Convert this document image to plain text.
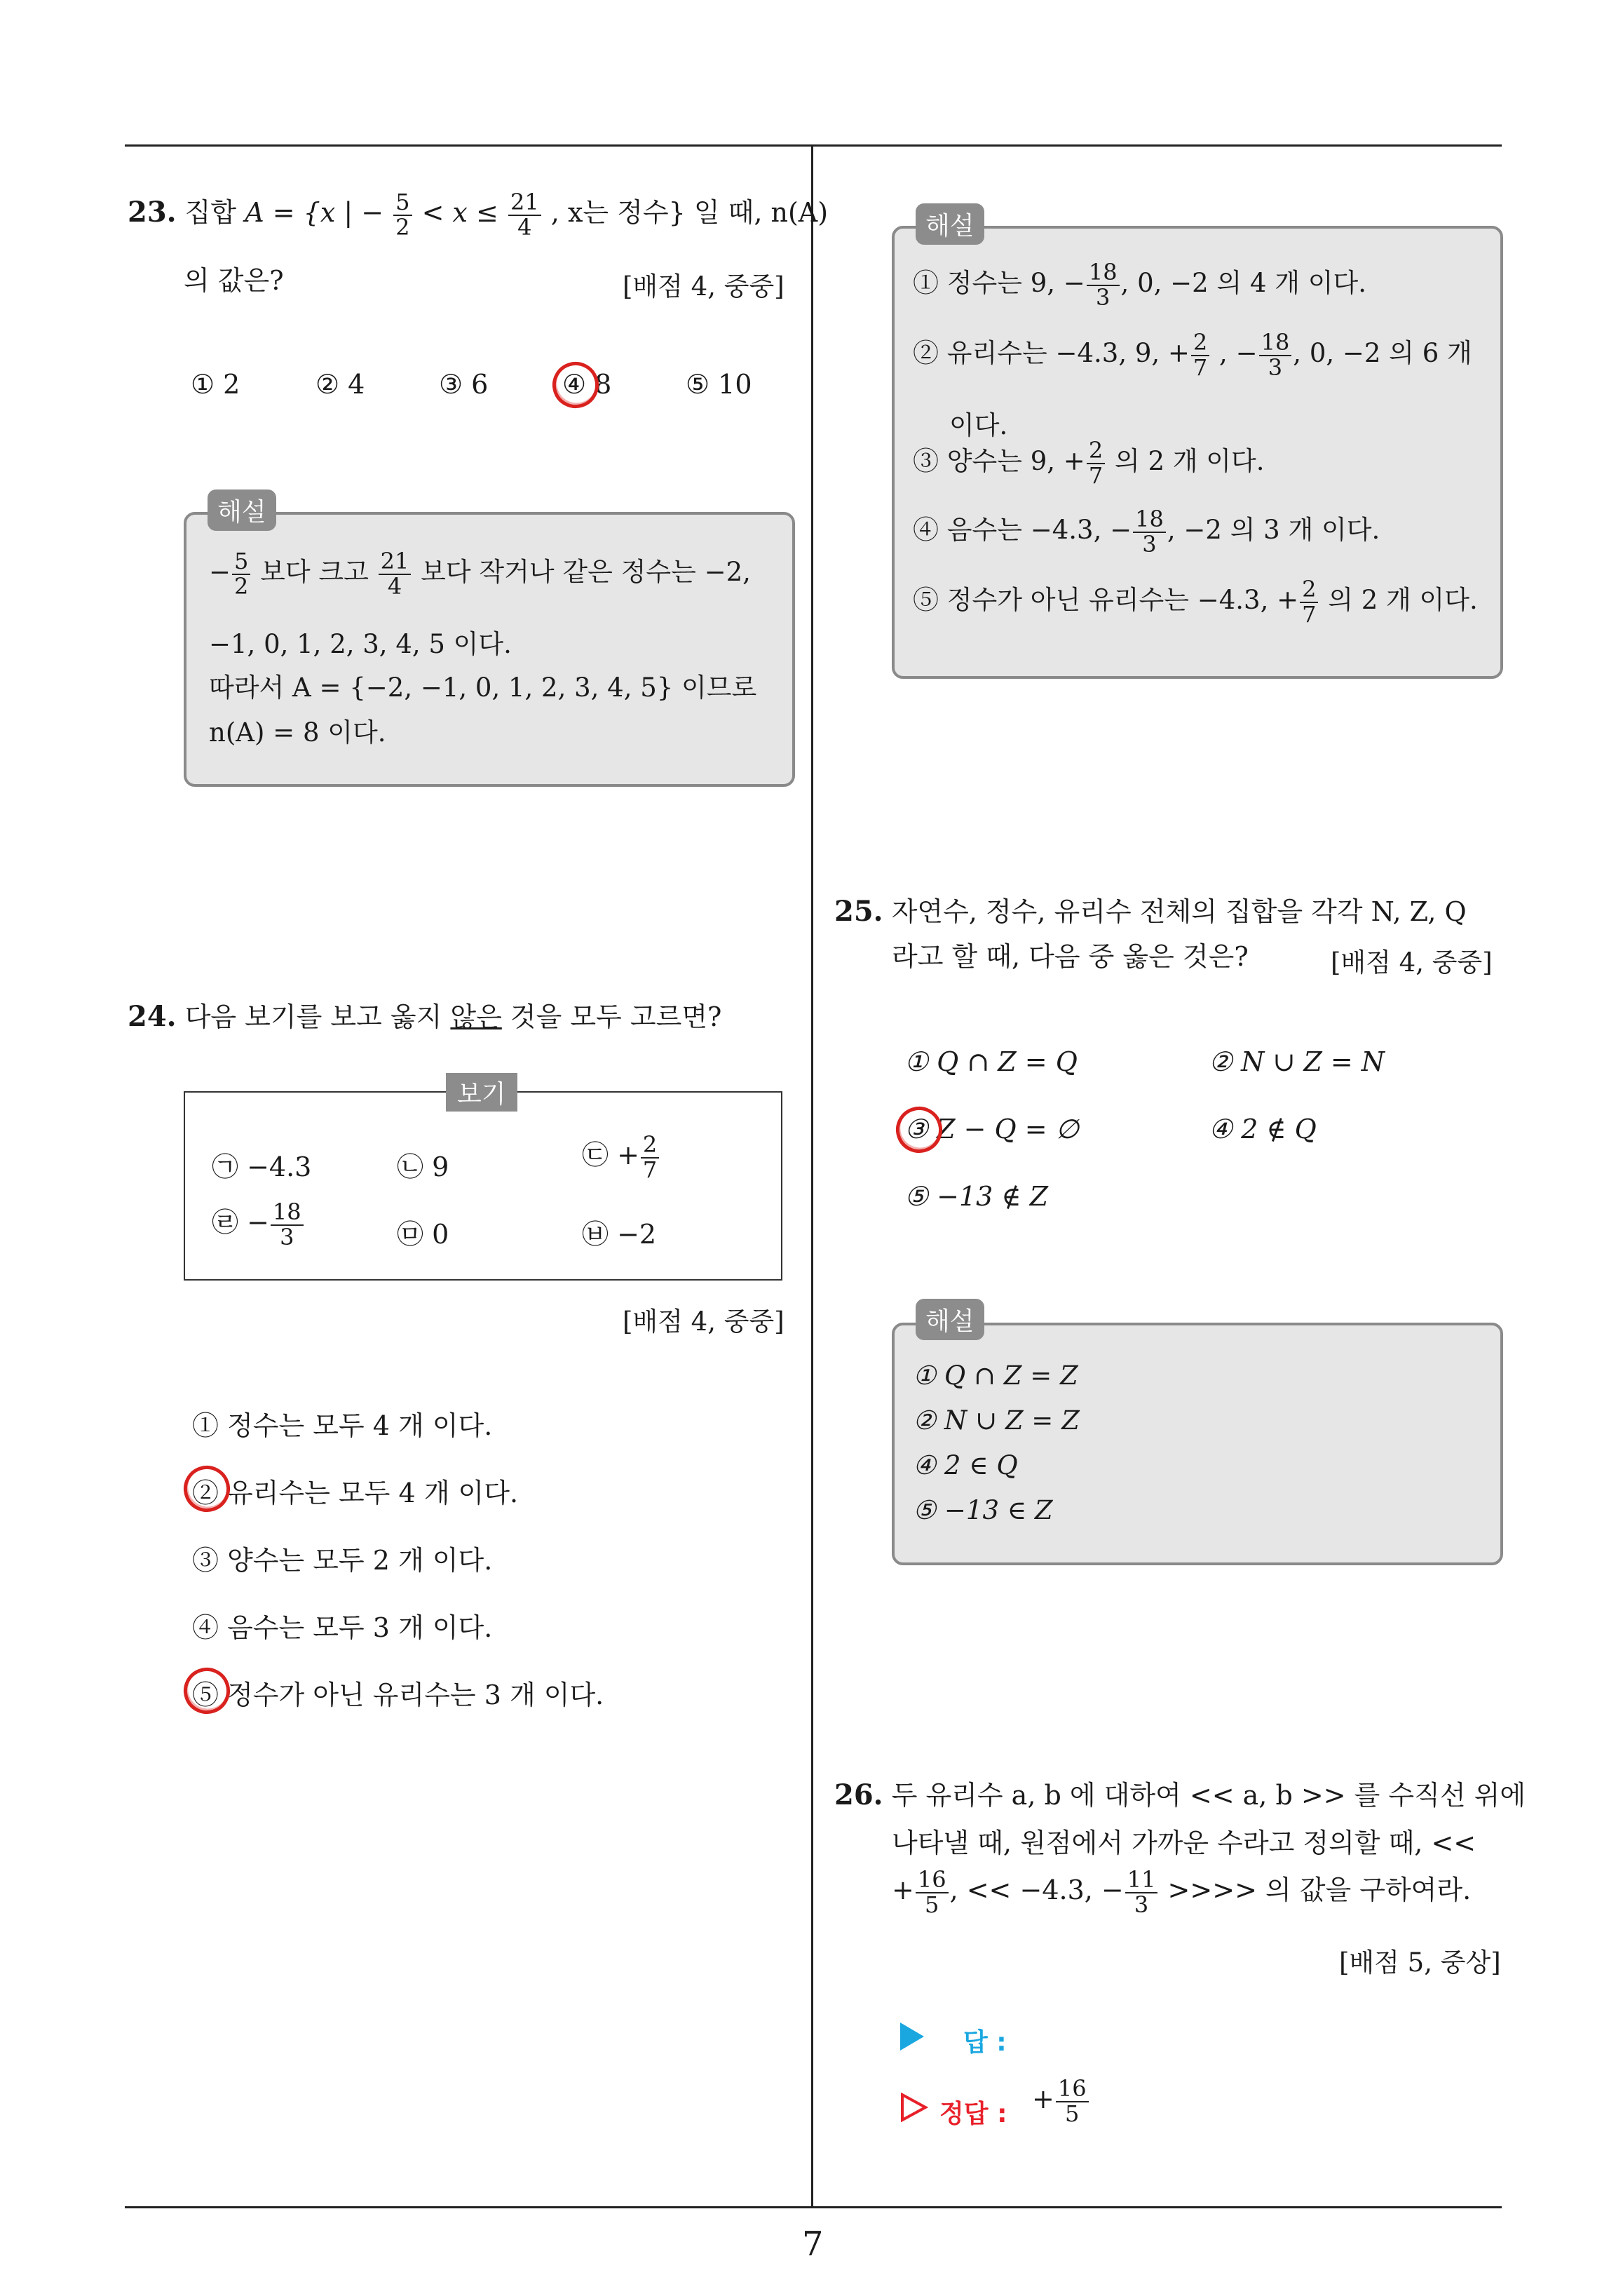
23. 집합 A = {x | − $\frac{5}{2} < x \le \frac{21}{4}$ , x는 정수} 일 때, n(A)
의 값은?	[배점 4, 중중]
① 2	② 4	③ 6	④ 8	⑤ 10
해설
− $\frac{5}{2}$ 보다 크고 $\frac{21}{4}$ 보다 작거나 같은 정수는 −2,
−1, 0, 1, 2, 3, 4, 5 이다.
따라서 A = {−2, −1, 0, 1, 2, 3, 4, 5} 이므로
n(A) = 8 이다.
24. 다음 보기를 보고 옳지 않은 것을 모두 고르면?
보기
㉠ −4.3	㉡ 9	㉢ + $\frac{2}{7}$
㉣ − $\frac{18}{3}$	㉤ 0	㉥ −2
[배점 4, 중중]
① 정수는 모두 4 개 이다.
② 유리수는 모두 4 개 이다.
③ 양수는 모두 2 개 이다.
④ 음수는 모두 3 개 이다.
⑤ 정수가 아닌 유리수는 3 개 이다.
해설
① 정수는 9, − $\frac{18}{3}$ , 0, −2 의 4 개 이다.
② 유리수는 −4.3, 9, + $\frac{2}{7}$ , − $\frac{18}{3}$ , 0, −2 의 6 개
이다.
③ 양수는 9, + $\frac{2}{7}$ 의 2 개 이다.
④ 음수는 −4.3, − $\frac{18}{3}$ , −2 의 3 개 이다.
⑤ 정수가 아닌 유리수는 −4.3, + $\frac{2}{7}$ 의 2 개 이다.
25. 자연수, 정수, 유리수 전체의 집합을 각각 N, Z, Q
라고 할 때, 다음 중 옳은 것은?	[배점 4, 중중]
① Q ∩ Z = Q	② N ∪ Z = N
③ Z − Q = ∅	④ 2 ∉ Q
⑤ −13 ∉ Z
해설
① Q ∩ Z = Z
② N ∪ Z = Z
④ 2 ∈ Q
⑤ −13 ∈ Z
26. 두 유리수 a, b 에 대하여 << a, b >> 를 수직선 위에
나타낼 때, 원점에서 가까운 수라고 정의할 때, <<
+ $\frac{16}{5}$ , << −4.3, − $\frac{11}{3}$ >>>> 의 값을 구하여라.
[배점 5, 중상]
답 :
정답 : + $\frac{16}{5}$
7
